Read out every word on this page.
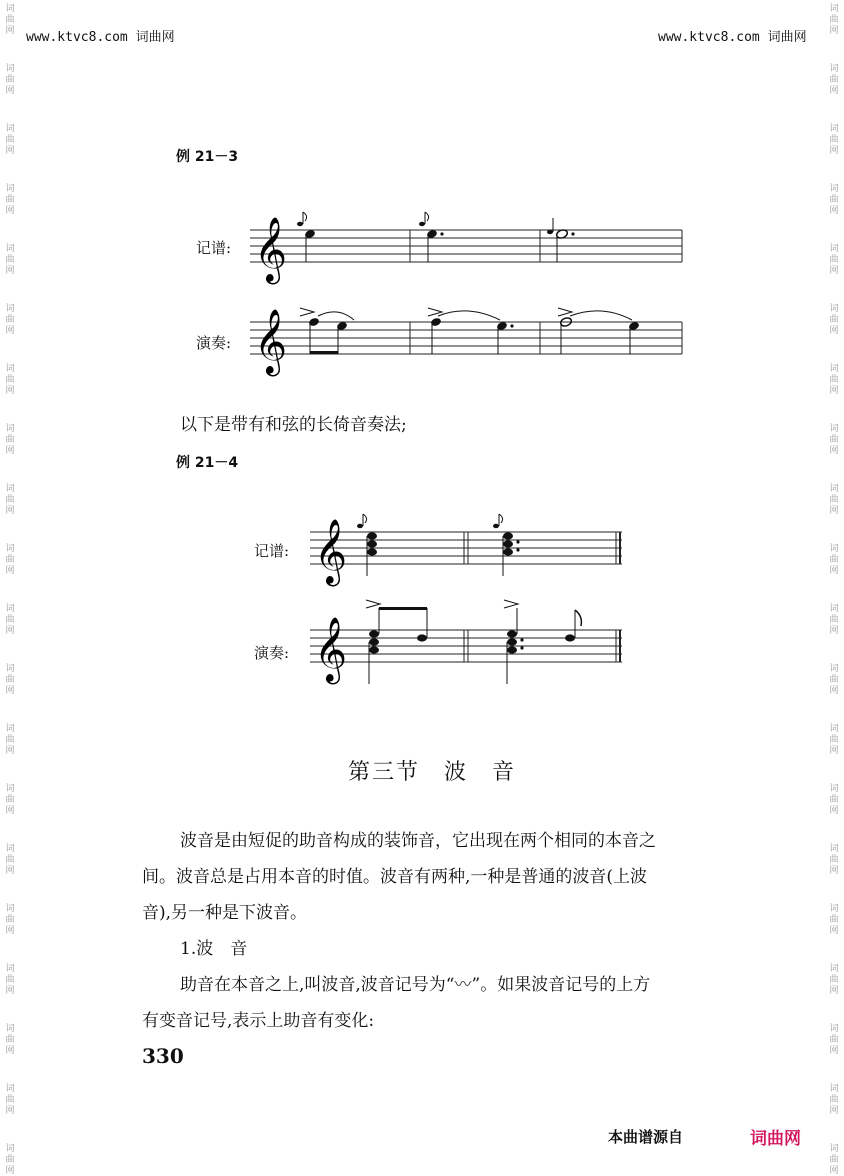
词
曲
网
词
曲
网
词
曲
网
词
曲
网
词
曲
网
词
曲
网
词
曲
网
词
曲
网
词
曲
网
词
曲
网
词
曲
网
词
曲
网
词
曲
网
词
曲
网
词
曲
网
词
曲
网
词
曲
网
词
曲
网
词
曲
网
词
曲
网
词
曲
网
词
曲
网
词
曲
网
词
曲
网
词
曲
网
词
曲
网
词
曲
网
词
曲
网
词
曲
网
词
曲
网
词
曲
网
词
曲
网
词
曲
网
词
曲
网
词
曲
网
词
曲
网
词
曲
网
词
曲
网
词
曲
网
词
曲
网
www.ktvc8.com 词曲网	www.ktvc8.com 词曲网
例 21－3
记谱: 𝄞
演奏: 𝄞
以下是带有和弦的长倚音奏法;
例 21－4
记谱: 𝄞
演奏: 𝄞
第三节　波　音
波音是由短促的助音构成的装饰音，它出现在两个相同的本音之
间。波音总是占用本音的时值。波音有两种,一种是普通的波音(上波
音),另一种是下波音。
1.波　音
助音在本音之上,叫波音,波音记号为“〰”。如果波音记号的上方
有变音记号,表示上助音有变化:
330
本曲谱源自	词曲网
